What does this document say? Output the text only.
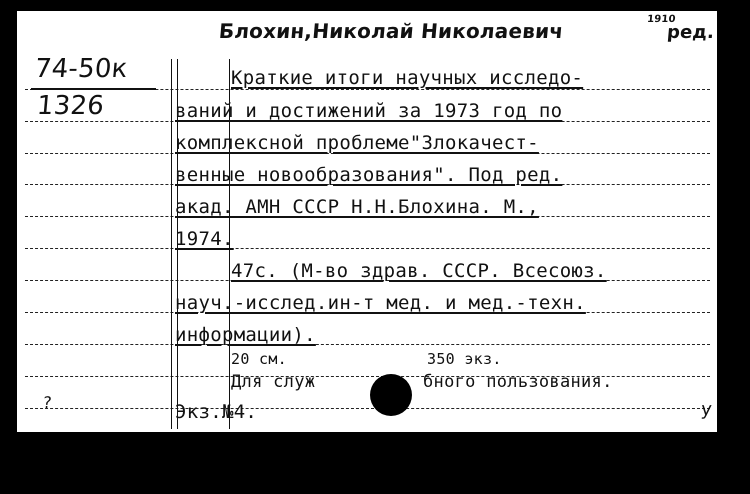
Блохин,Николай Николаевич	1910
ред.
74-50к
1326
Краткие итоги научных исследо-
ваний и достижений за 1973 год по
комплексной проблеме"Злокачест-
венные новообразования". Под ред.
акад. АМН СССР Н.Н.Блохина. М.,
1974.
47с. (М-во здрав. СССР. Всесоюз.
науч.-исслед.ин-т мед. и мед.-техн.
информации).
20 см.	350 экз.
Для служ	бного пользования.
Экз.№4.
?	у
